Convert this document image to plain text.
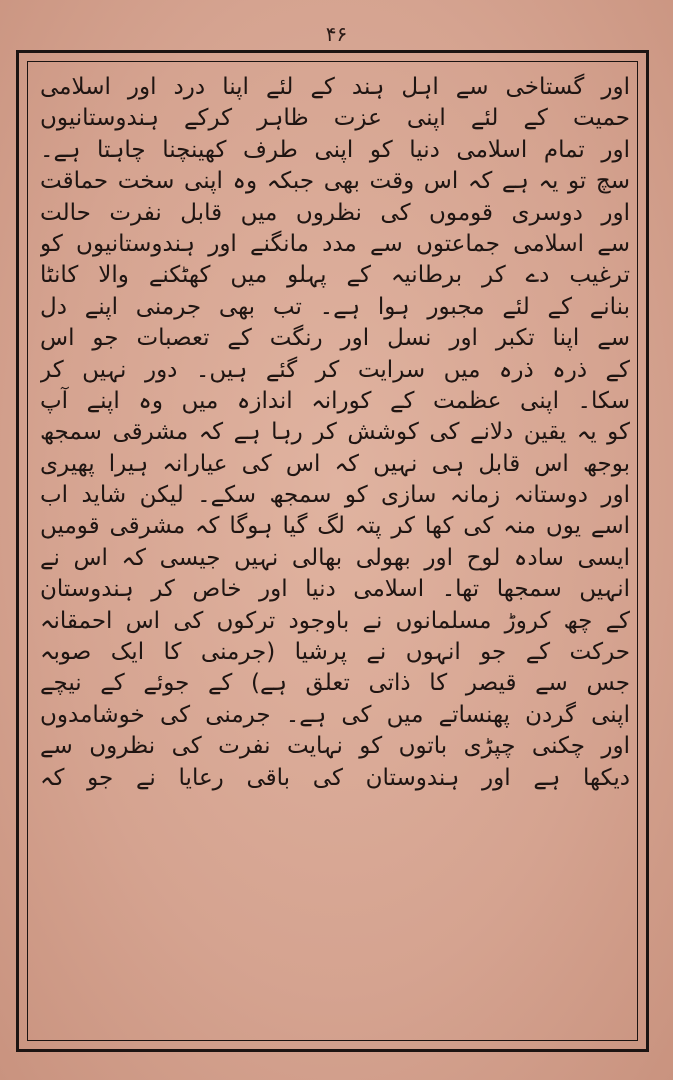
۴۶
اور گستاخی سے اہل ہند کے لئے اپنا درد اور اسلامی
حمیت کے لئے اپنی عزت ظاہر کرکے ہندوستانیوں
اور تمام اسلامی دنیا کو اپنی طرف کھینچنا چاہتا ہے۔
سچ تو یہ ہے کہ اس وقت بھی جبکہ وہ اپنی سخت حماقت
اور دوسری قوموں کی نظروں میں قابل نفرت حالت
سے اسلامی جماعتوں سے مدد مانگنے اور ہندوستانیوں کو
ترغیب دے کر برطانیہ کے پہلو میں کھٹکنے والا کانٹا
بنانے کے لئے مجبور ہوا ہے۔ تب بھی جرمنی اپنے دل
سے اپنا تکبر اور نسل اور رنگت کے تعصبات جو اس
کے ذرہ ذرہ میں سرایت کر گئے ہیں۔ دور نہیں کر
سکا۔ اپنی عظمت کے کورانہ اندازہ میں وہ اپنے آپ
کو یہ یقین دلانے کی کوشش کر رہا ہے کہ مشرقی سمجھ
بوجھ اس قابل ہی نہیں کہ اس کی عیارانہ ہیرا پھیری
اور دوستانہ زمانہ سازی کو سمجھ سکے۔ لیکن شاید اب
اسے یوں منہ کی کھا کر پتہ لگ گیا ہوگا کہ مشرقی قومیں
ایسی سادہ لوح اور بھولی بھالی نہیں جیسی کہ اس نے
انہیں سمجھا تھا۔ اسلامی دنیا اور خاص کر ہندوستان
کے چھ کروڑ مسلمانوں نے باوجود ترکوں کی اس احمقانہ
حرکت کے جو انہوں نے پرشیا (جرمنی کا ایک صوبہ
جس سے قیصر کا ذاتی تعلق ہے) کے جوئے کے نیچے
اپنی گردن پھنساتے میں کی ہے۔ جرمنی کی خوشامدوں
اور چکنی چپڑی باتوں کو نہایت نفرت کی نظروں سے
دیکھا ہے اور ہندوستان کی باقی رعایا نے جو کہ
